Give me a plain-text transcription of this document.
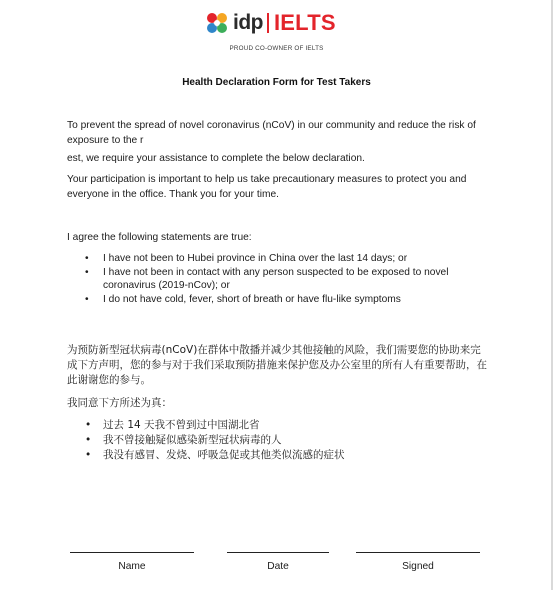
idp IELTS
PROUD CO-OWNER OF IELTS
Health Declaration Form for Test Takers

To prevent the spread of novel coronavirus (nCoV) in our community and reduce the risk of exposure to the r

est, we require your assistance to complete the below declaration.

Your participation is important to help us take precautionary measures to protect you and everyone in the office. Thank you for your time.

I agree the following statements are true:

• I have not been to Hubei province in China over the last 14 days; or
• I have not been in contact with any person suspected to be exposed to novel coronavirus (2019-nCov); or
• I do not have cold, fever, short of breath or have flu-like symptoms

为预防新型冠状病毒(nCoV)在群体中散播并减少其他接触的风险，我们需要您的协助来完成下方声明，您的参与对于我们采取预防措施来保护您及办公室里的所有人有重要帮助，在此谢谢您的参与。

我同意下方所述为真：

• 过去 14 天我不曾到过中国湖北省
• 我不曾接触疑似感染新型冠状病毒的人
• 我没有感冒、发烧、呼吸急促或其他类似流感的症状
Name	Date	Signed
